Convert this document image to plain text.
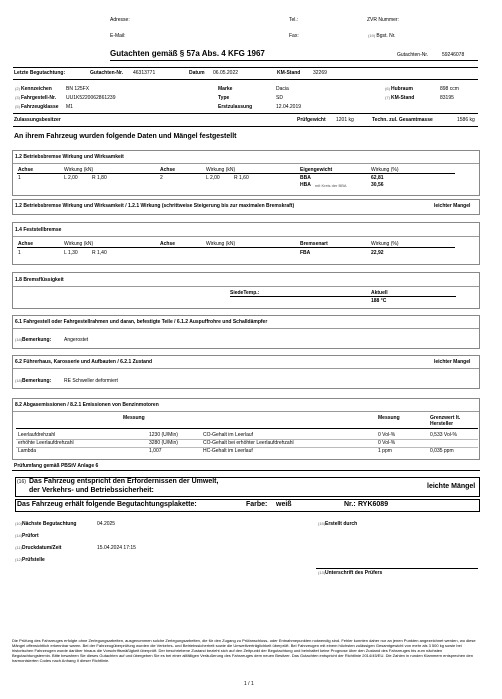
Adresse:	Tel.:	ZVR Nummer:
E-Mail:	Fax:	(19) Bgst. Nr.
Gutachten gemäß § 57a Abs. 4 KFG 1967	Gutachten-Nr.	59246078
Letzte Begutachtung:	Gutachten-Nr. 46313771	Datum 06.05.2022	KM-Stand	32269
(2)Kennzeichen	BN 125FX
(3)Fahrgestell-Nr. UU1K5220062861239
(5)Fahrzeugklasse M1
Marke	Dacia
Type	SD
Erstzulassung	12.04.2019
(6)Hubraum	898 ccm
(7)KM-Stand	83195
Zulassungsbesitzer	Prüfgewicht 1201 kg	Techn. zul. Gesamtmasse	1586 kg
An ihrem Fahrzeug wurden folgende Daten und Mängel festgestellt
1.2 Betriebsbremse Wirkung und Wirksamkeit
Achse	Wirkung (kN)	Achse	Wirkung (kN)	Eigengewicht	Wirkung (%)
1	L 2,00	R 1,80	2	L 2,00	R 1,60	BBA	62,81
HBA mit Kreis der BBA	30,56
1.2 Betriebsbremse Wirkung und Wirksamkeit / 1.2.1 Wirkung (schrittweise Steigerung bis zur maximalen Bremskraft)	leichter Mangel
1.4 Feststellbremse
Achse	Wirkung (kN)	Achse	Wirkung (kN)	Bremsenart	Wirkung (%)
1	L 1,30	R 1,40	FBA	22,92
1.8 Bremsflüssigkeit
Aktuell
SiedeTemp.:
188 °C
6.1 Fahrgestell oder Fahrgestellrahmen und daran, befestigte Teile / 6.1.2 Auspuffrohre und Schalldämpfer
(18)Bemerkung:	Angerostet
6.2 Führerhaus, Karosserie und Aufbauten / 6.2.1 Zustand	leichter Mangel
(18)Bemerkung:	RE Schweller deformiert
8.2 Abgasemissionen / 8.2.1 Emissionen von Benzinmotoren
Messung	Messung	Grenzwert lt. Hersteller
Leerlaufdrehzahl	1230 (U/Min)	CO-Gehalt im Leerlauf	0 Vol-%	0,533 Vol-%
erhöhte Leerlaufdrehzahl	3280 (U/Min)	CO-Gehalt bei erhöhter Leerlaufdrehzahl	0 Vol-%
Lambda	1,007	HC-Gehalt im Leerlauf	1 ppm	0,035 ppm
Prüfumfang gemäß PBStV Anlage 6
(16) Das Fahrzeug entspricht den Erfordernissen der Umwelt,
der Verkehrs- und Betriebssicherheit:
leichte Mängel
Das Fahrzeug erhält folgende Begutachtungsplakette:	Farbe: weiß	Nr.: RYK6089
(10)Nächste Begutachtung	04.2025	(15)Erstellt durch
(14)Prüfort
(11)Druckdatum/Zeit	15.04.2024 17:15
(12)Prüfstelle
(13)Unterschrift des Prüfers
Die Prüfung des Fahrzeuges erfolgte ohne Zerlegungsarbeiten, ausgenommen solche Zerlegungsarbeiten, die für den Zugang zu Prüfanschluss- oder Entnahmepunkten notwendig sind. Fehler konnten daher nur an jenen Punkten angezeichnet werden, wo diese Mängel offensichtlich erkennbar waren. Bei der Fahrzeugüberprüfung wurden die Verkehrs- und Betriebssicherheit sowie die Umweltverträglichkeit überprüft. Bei Fahrzeugen mit einem höchsten zulässigen Gesamtgewicht von mehr als 3 500 kg sowie bei historischen Fahrzeugen wurde darüber hinaus die Vorschriftsmäßigkeit überprüft. Der beschriebene Zustand bezieht sich auf den Zeitpunkt der Begutachtung und beinhaltet keine Prognose über den Zustand des Fahrzeuges bis zum nächsten Begutachtungstermin. Bitte bewahren Sie dieses Gutachten auf und übergeben Sie es bei einer allfälligen Veräußerung des Fahrzeuges dem neuen Besitzer. Das Gutachten entspricht der Richtlinie 2014/45/EU. Die Zahlen in runden Klammern entsprechen den harmonisierten Codes nach Anhang II dieser Richtlinie.
1 / 1
